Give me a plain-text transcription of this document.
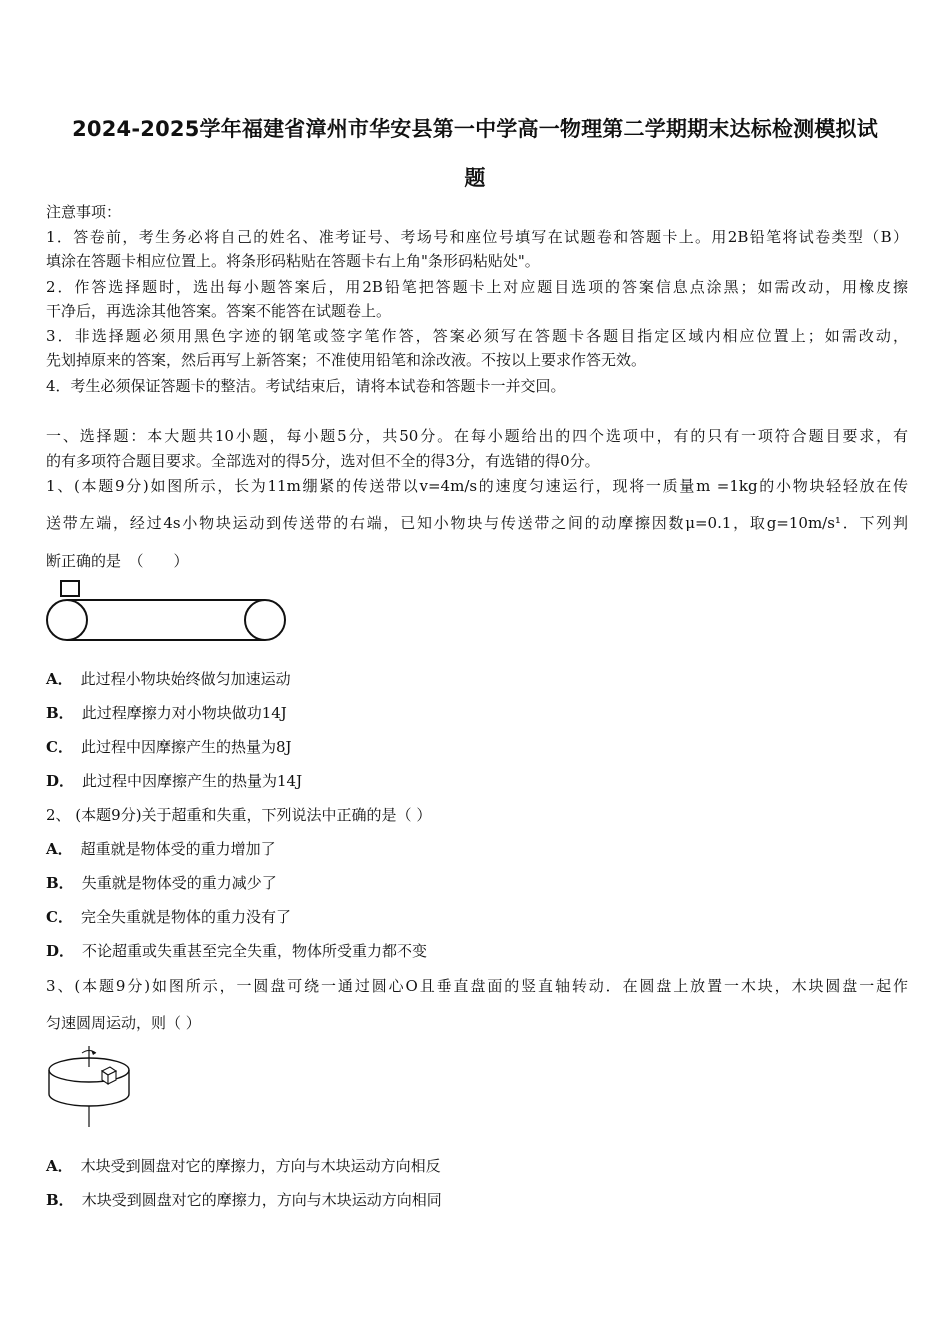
2024-2025学年福建省漳州市华安县第一中学高一物理第二学期期末达标检测模拟试
题
注意事项：
1．答卷前，考生务必将自己的姓名、准考证号、考场号和座位号填写在试题卷和答题卡上。用2B铅笔将试卷类型（B）
填涂在答题卡相应位置上。将条形码粘贴在答题卡右上角"条形码粘贴处"。
2．作答选择题时，选出每小题答案后，用2B铅笔把答题卡上对应题目选项的答案信息点涂黑；如需改动，用橡皮擦
干净后，再选涂其他答案。答案不能答在试题卷上。
3．非选择题必须用黑色字迹的钢笔或签字笔作答，答案必须写在答题卡各题目指定区域内相应位置上；如需改动，
先划掉原来的答案，然后再写上新答案；不准使用铅笔和涂改液。不按以上要求作答无效。
4．考生必须保证答题卡的整洁。考试结束后，请将本试卷和答题卡一并交回。
一、选择题：本大题共10小题，每小题5分，共50分。在每小题给出的四个选项中，有的只有一项符合题目要求，有
的有多项符合题目要求。全部选对的得5分，选对但不全的得3分，有选错的得0分。
1、(本题9分)如图所示，长为11m绷紧的传送带以v=4m/s的速度匀速运行，现将一质量m =1kg的小物块轻轻放在传
送带左端，经过4s小物块运动到传送带的右端，已知小物块与传送带之间的动摩擦因数μ=0.1，取g=10m/s¹．下列判
断正确的是　（　　）
A． 此过程小物块始终做匀加速运动
B． 此过程摩擦力对小物块做功14J
C． 此过程中因摩擦产生的热量为8J
D． 此过程中因摩擦产生的热量为14J
2、 (本题9分)关于超重和失重，下列说法中正确的是（ ）
A． 超重就是物体受的重力增加了
B． 失重就是物体受的重力减少了
C． 完全失重就是物体的重力没有了
D． 不论超重或失重甚至完全失重，物体所受重力都不变
3、(本题9分)如图所示，一圆盘可绕一通过圆心O且垂直盘面的竖直轴转动．在圆盘上放置一木块，木块圆盘一起作
匀速圆周运动，则（ ）
A． 木块受到圆盘对它的摩擦力，方向与木块运动方向相反
B． 木块受到圆盘对它的摩擦力，方向与木块运动方向相同
